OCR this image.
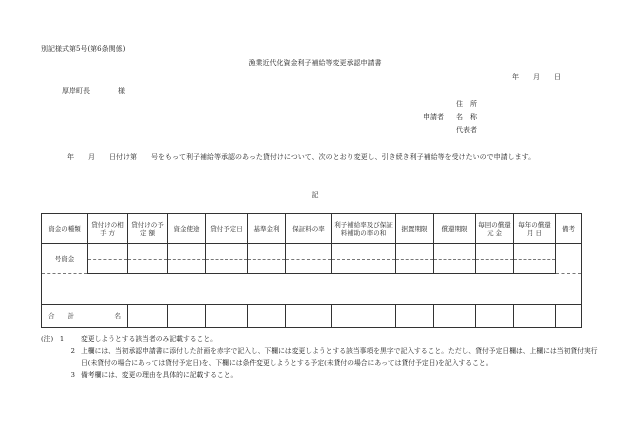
別記様式第5号(第6条関係)
漁業近代化資金利子補給等変更承認申請書
年　　月　　日
厚岸町長　　　　様
住　所
申請者 名　称
代表者
年　　月　　日付け第　　号をもって利子補給等承認のあった貸付けについて、次のとおり変更し、引き続き利子補給等を受けたいので申請します。
記
資金の種類	貸付けの相 手 方	貸付けの予 定 額	資金使途	貸付予定日	基準金利	保証料の率	利子補給率及び保証料補助の率の和	据置期限	償還期限	毎回の償還 元 金	毎年の償還 月 日	備考
号資金												

合　　計 名												

(注)　1	変更しようとする該当者のみ記載すること。
2 上欄には、当初承認申請書に添付した計画を赤字で記入し、下欄には変更しようとする該当事項を黒字で記入すること。ただし、貸付予定日欄は、上欄には当初貸付実行日(未貸付の場合にあっては貸付予定日)を、下欄には条件変更しようとする予定(未貸付の場合にあっては貸付予定日)を記入すること。
3 備考欄には、変更の理由を具体的に記載すること。
